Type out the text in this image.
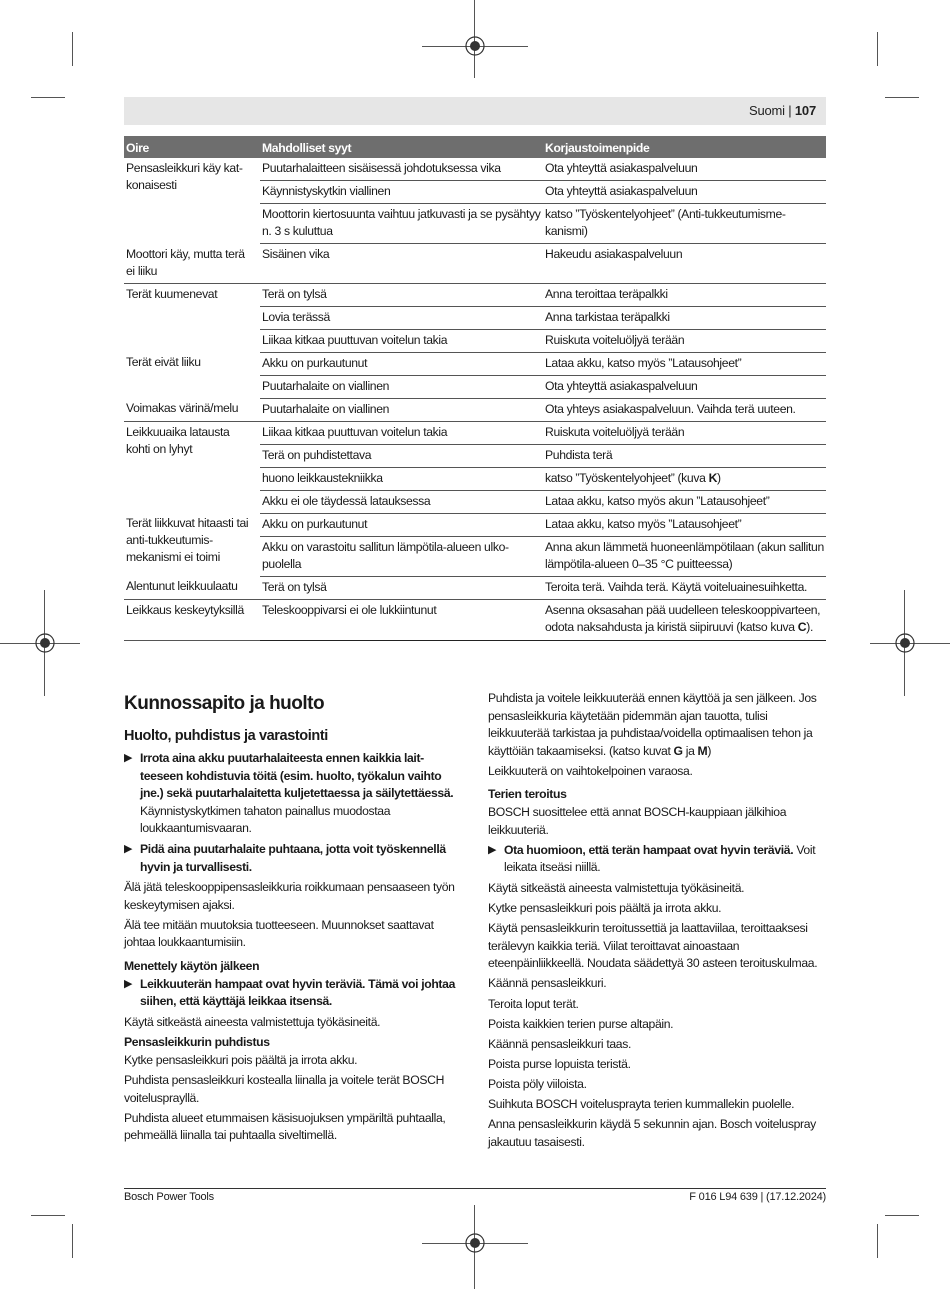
Suomi | 107
Oire	Mahdolliset syyt	Korjaustoimenpide
Pensasleikkuri käy katkonaisesti	Puutarhalaitteen sisäisessä johdotuksessa vika	Ota yhteyttä asiakaspalveluun
	Käynnistyskytkin viallinen	Ota yhteyttä asiakaspalveluun
	Moottorin kiertosuunta vaihtuu jatkuvasti ja se pysähtyy n. 3 s kuluttua	katso ”Työskentelyohjeet” (Anti-tukkeutumismekanismi)
Moottori käy, mutta terä ei liiku	Sisäinen vika	Hakeudu asiakaspalveluun
Terät kuumenevat	Terä on tylsä	Anna teroittaa teräpalkki
	Lovia terässä	Anna tarkistaa teräpalkki
	Liikaa kitkaa puuttuvan voitelun takia	Ruiskuta voiteluöljyä terään
Terät eivät liiku	Akku on purkautunut	Lataa akku, katso myös ”Latausohjeet”
	Puutarhalaite on viallinen	Ota yhteyttä asiakaspalveluun
Voimakas värinä/melu	Puutarhalaite on viallinen	Ota yhteys asiakaspalveluun. Vaihda terä uuteen.
Leikkuuaika latausta kohti on lyhyt	Liikaa kitkaa puuttuvan voitelun takia	Ruiskuta voiteluöljyä terään
	Terä on puhdistettava	Puhdista terä
	huono leikkaustekniikka	katso ”Työskentelyohjeet” (kuva K)
	Akku ei ole täydessä latauksessa	Lataa akku, katso myös akun ”Latausohjeet”
Terät liikkuvat hitaasti tai anti-tukkeutumismekanismi ei toimi	Akku on purkautunut	Lataa akku, katso myös ”Latausohjeet”
	Akku on varastoitu sallitun lämpötila-alueen ulkopuolella	Anna akun lämmetä huoneenlämpötilaan (akun sallitun lämpötila-alueen 0–35 °C puitteessa)
Alentunut leikkuulaatu	Terä on tylsä	Teroita terä. Vaihda terä. Käytä voiteluainesuihketta.
Leikkaus keskeytyksillä	Teleskooppivarsi ei ole lukkiintunut	Asenna oksasahan pää uudelleen teleskooppivarteen, odota naksahdusta ja kiristä siipiruuvi (katso kuva C).
Kunnossapito ja huolto
Huolto, puhdistus ja varastointi
▶ Irrota aina akku puutarhalaiteesta ennen kaikkia laitteeseen kohdistuvia töitä (esim. huolto, työkalun vaihto jne.) sekä puutarhalaitetta kuljetettaessa ja säilytettäessä. Käynnistyskytkimen tahaton painallus muodostaa loukkaantumisvaaran.
▶ Pidä aina puutarhalaite puhtaana, jotta voit työskennellä hyvin ja turvallisesti.

Älä jätä teleskooppipensasleikkuria roikkumaan pensaaseen työn keskeytymisen ajaksi.

Älä tee mitään muutoksia tuotteeseen. Muunnokset saattavat johtaa loukkaantumisiin.

Menettely käytön jälkeen
▶ Leikkuuterän hampaat ovat hyvin teräviä. Tämä voi johtaa siihen, että käyttäjä leikkaa itsensä.

Käytä sitkeästä aineesta valmistettuja työkäsineitä.

Pensasleikkurin puhdistus

Kytke pensasleikkuri pois päältä ja irrota akku.

Puhdista pensasleikkuri kostealla liinalla ja voitele terät BOSCH voitelusprayllä.

Puhdista alueet etummaisen käsisuojuksen ympäriltä puhtaalla, pehmeällä liinalla tai puhtaalla siveltimellä.

Puhdista ja voitele leikkuuterää ennen käyttöä ja sen jälkeen. Jos pensasleikkuria käytetään pidemmän ajan tauotta, tulisi leikkuuterää tarkistaa ja puhdistaa/voidella optimaalisen tehon ja käyttöiän takaamiseksi. (katso kuvat G ja M)

Leikkuuterä on vaihtokelpoinen varaosa.

Terien teroitus

BOSCH suosittelee että annat BOSCH-kauppiaan jälkihioa leikkuuteriä.

▶ Ota huomioon, että terän hampaat ovat hyvin teräviä. Voit leikata itseäsi niillä.

Käytä sitkeästä aineesta valmistettuja työkäsineitä.

Kytke pensasleikkuri pois päältä ja irrota akku.

Käytä pensasleikkurin teroitussettiä ja laattaviilaa, teroittaaksesi terälevyn kaikkia teriä. Viilat teroittavat ainoastaan eteenpäinliikkeellä. Noudata säädettyä 30 asteen teroituskulmaa.

Käännä pensasleikkuri.

Teroita loput terät.

Poista kaikkien terien purse altapäin.

Käännä pensasleikkuri taas.

Poista purse lopuista teristä.

Poista pöly viiloista.

Suihkuta BOSCH voitelusprayta terien kummallekin puolelle.

Anna pensasleikkurin käydä 5 sekunnin ajan. Bosch voiteluspray jakautuu tasaisesti.

Bosch Power Tools	F 016 L94 639 | (17.12.2024)
